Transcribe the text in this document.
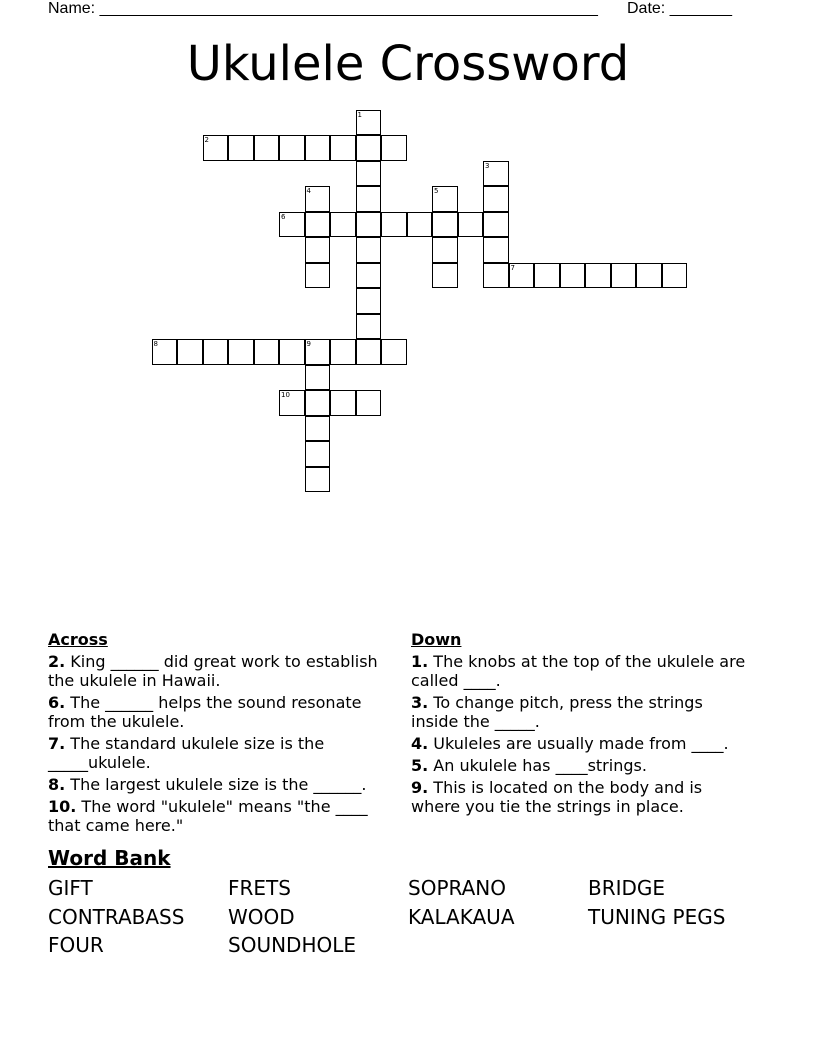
Name: ________________________________________________________ Date: _______
Ukulele Crossword
1
2
3
4	5
6
7
8	9
10
Across
2. King ______ did great work to establish the ukulele in Hawaii.
6. The ______ helps the sound resonate from the ukulele.
7. The standard ukulele size is the _____ukulele.
8. The largest ukulele size is the ______.
10. The word "ukulele" means "the ____ that came here."
Down
1. The knobs at the top of the ukulele are called ____.
3. To change pitch, press the strings inside the _____.
4. Ukuleles are usually made from ____.
5. An ukulele has ____strings.
9. This is located on the body and is where you tie the strings in place.
Word Bank
GIFT	FRETS	SOPRANO	BRIDGE
CONTRABASS	WOOD	KALAKAUA	TUNING PEGS
FOUR	SOUNDHOLE
